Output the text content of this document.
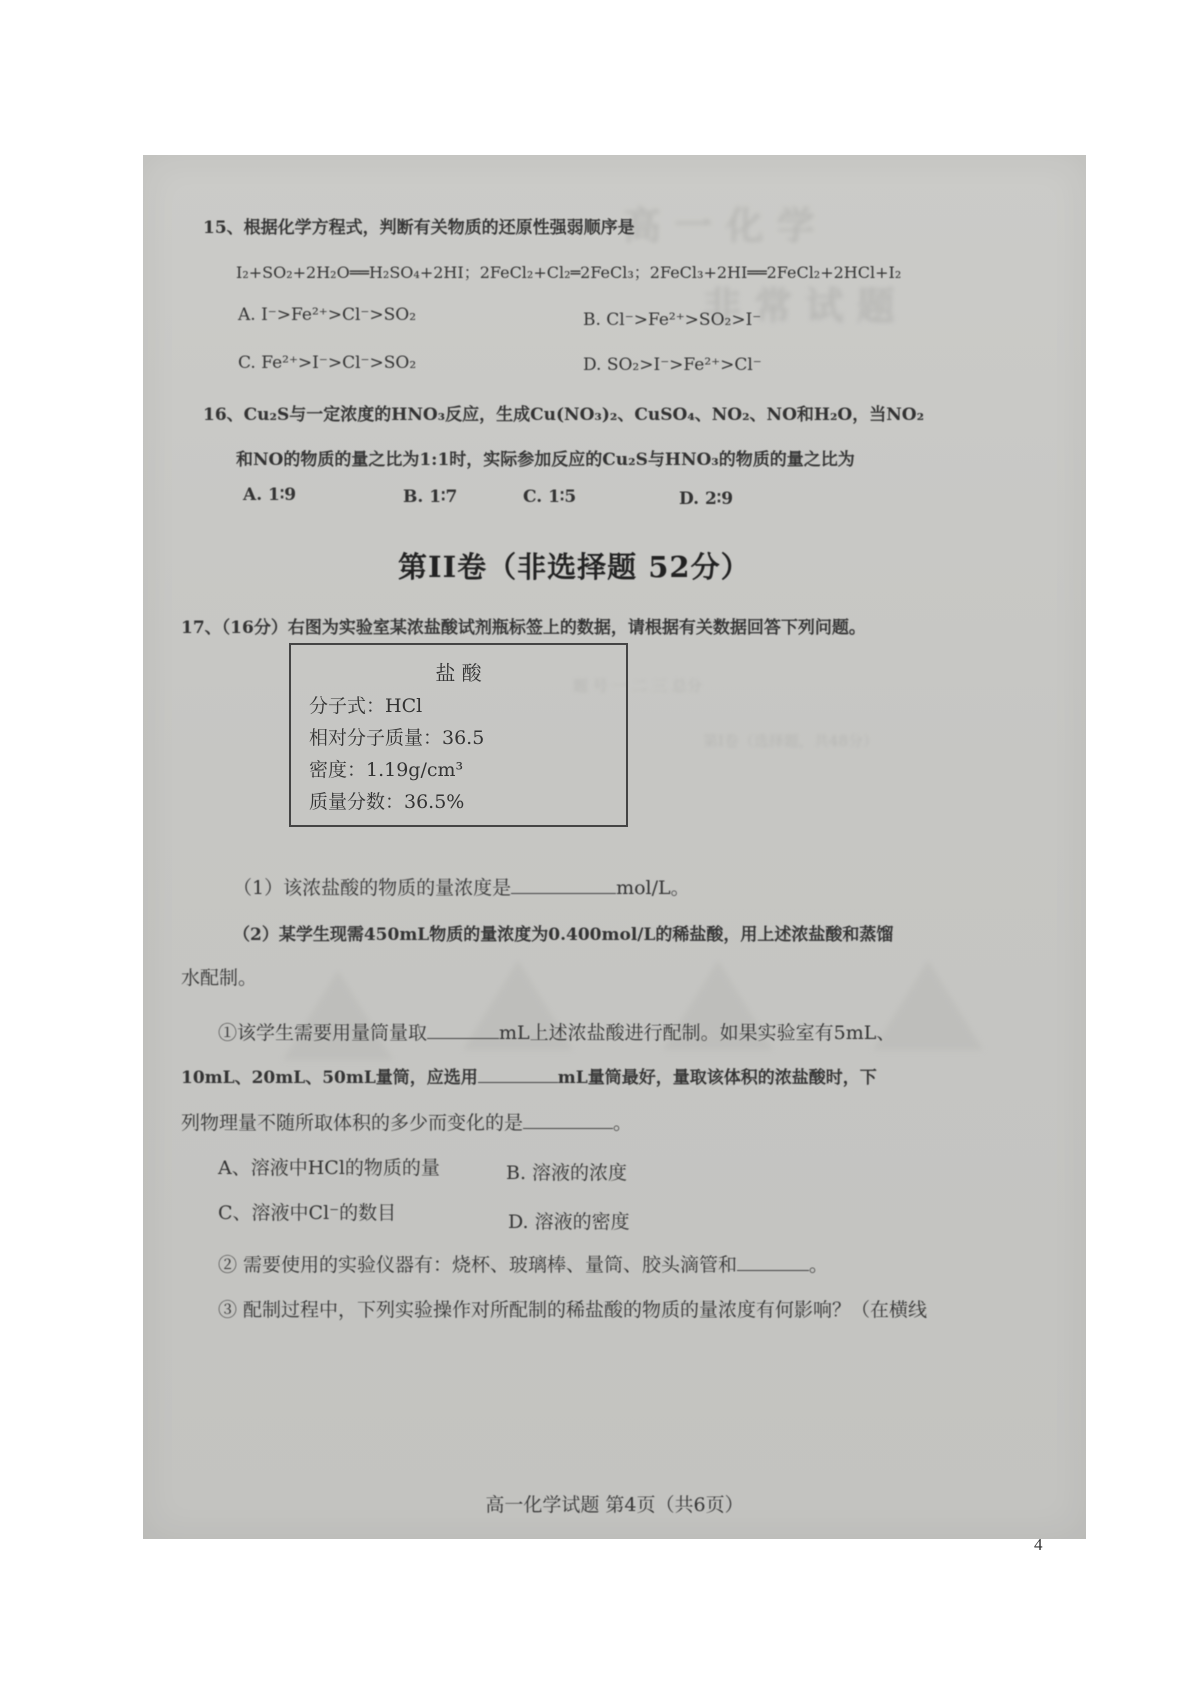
高 一 化 学
非 常 试 题
题 号 一 二 三 总分
第I卷（选择题，共48分）
15、根据化学方程式，判断有关物质的还原性强弱顺序是
I₂+SO₂+2H₂O══H₂SO₄+2HI；2FeCl₂+Cl₂═2FeCl₃；2FeCl₃+2HI══2FeCl₂+2HCl+I₂
A. I⁻>Fe²⁺>Cl⁻>SO₂	B. Cl⁻>Fe²⁺>SO₂>I⁻
C. Fe²⁺>I⁻>Cl⁻>SO₂	D. SO₂>I⁻>Fe²⁺>Cl⁻
16、Cu₂S与一定浓度的HNO₃反应，生成Cu(NO₃)₂、CuSO₄、NO₂、NO和H₂O，当NO₂
和NO的物质的量之比为1:1时，实际参加反应的Cu₂S与HNO₃的物质的量之比为
A. 1∶9	B. 1∶7	C. 1∶5	D. 2∶9
第II卷（非选择题 52分）
17、（16分）右图为实验室某浓盐酸试剂瓶标签上的数据，请根据有关数据回答下列问题。
盐 酸
分子式：HCl
相对分子质量：36.5
密度：1.19g/cm³
质量分数：36.5%
（1）该浓盐酸的物质的量浓度是	mol/L。
（2）某学生现需450mL物质的量浓度为0.400mol/L的稀盐酸，用上述浓盐酸和蒸馏
水配制。
①该学生需要用量筒量取	mL上述浓盐酸进行配制。如果实验室有5mL、
10mL、20mL、50mL量筒，应选用	mL量筒最好，量取该体积的浓盐酸时，下
列物理量不随所取体积的多少而变化的是	。
A、溶液中HCl的物质的量	B. 溶液的浓度
C、溶液中Cl⁻的数目	D. 溶液的密度
② 需要使用的实验仪器有：烧杯、玻璃棒、量筒、胶头滴管和	。
③ 配制过程中，下列实验操作对所配制的稀盐酸的物质的量浓度有何影响？（在横线
高一化学试题 第4页（共6页）
4
